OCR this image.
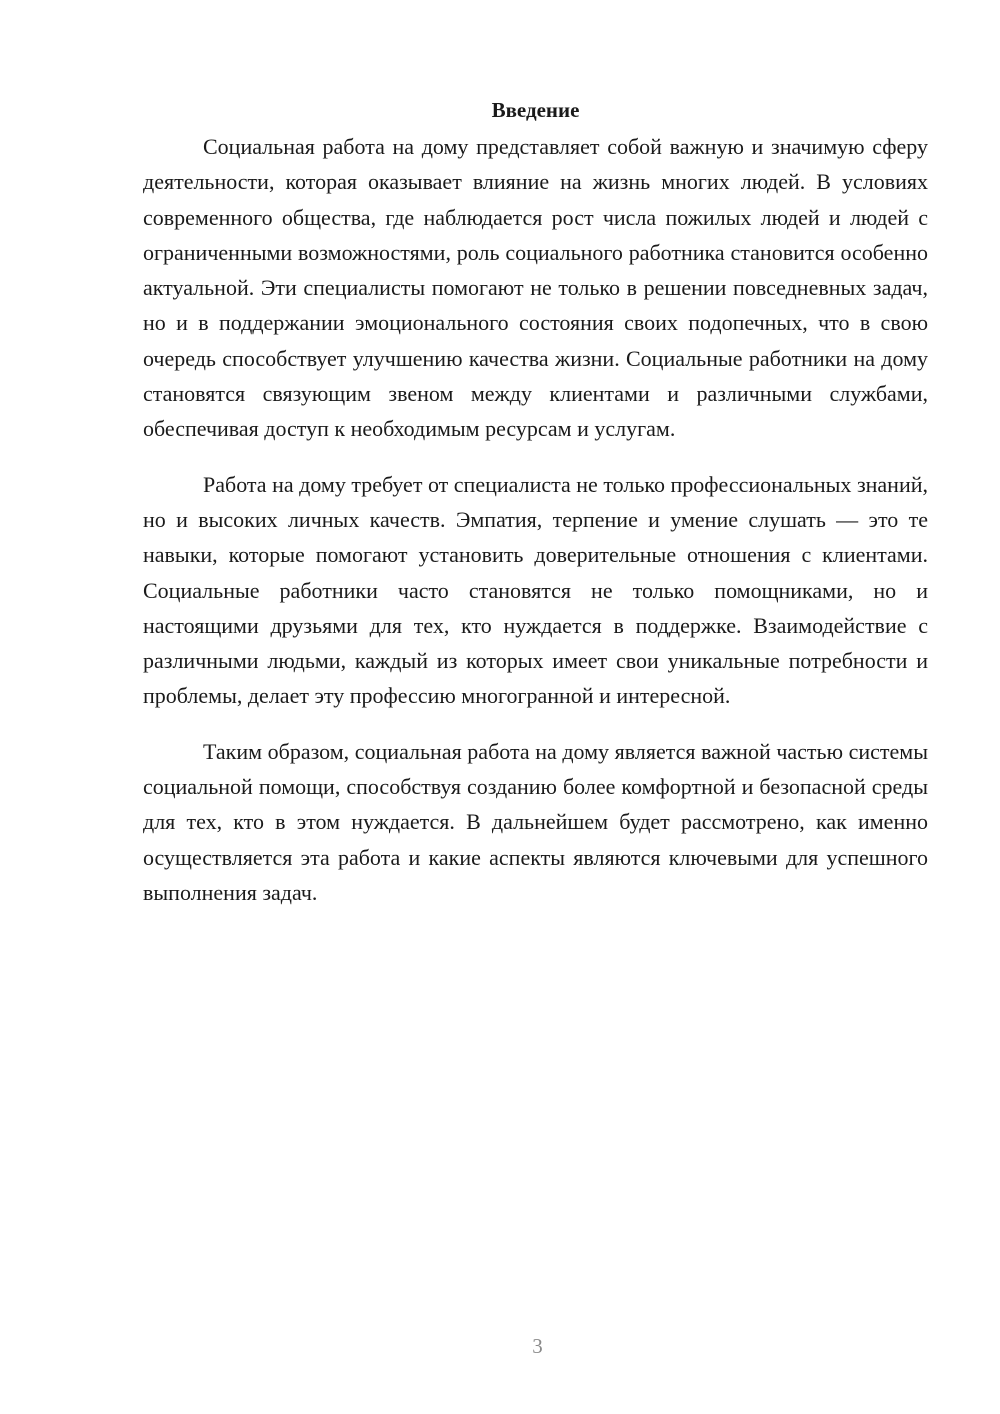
Введение

Социальная работа на дому представляет собой важную и значимую сферу деятельности, которая оказывает влияние на жизнь многих людей. В условиях современного общества, где наблюдается рост числа пожилых людей и людей с ограниченными возможностями, роль социального работника становится особенно актуальной. Эти специалисты помогают не только в решении повседневных задач, но и в поддержании эмоционального состояния своих подопечных, что в свою очередь способствует улучшению качества жизни. Социальные работники на дому становятся связующим звеном между клиентами и различными службами, обеспечивая доступ к необходимым ресурсам и услугам.

Работа на дому требует от специалиста не только профессиональных знаний, но и высоких личных качеств. Эмпатия, терпение и умение слушать — это те навыки, которые помогают установить доверительные отношения с клиентами. Социальные работники часто становятся не только помощниками, но и настоящими друзьями для тех, кто нуждается в поддержке. Взаимодействие с различными людьми, каждый из которых имеет свои уникальные потребности и проблемы, делает эту профессию многогранной и интересной.

Таким образом, социальная работа на дому является важной частью системы социальной помощи, способствуя созданию более комфортной и безопасной среды для тех, кто в этом нуждается. В дальнейшем будет рассмотрено, как именно осуществляется эта работа и какие аспекты являются ключевыми для успешного выполнения задач.

3
